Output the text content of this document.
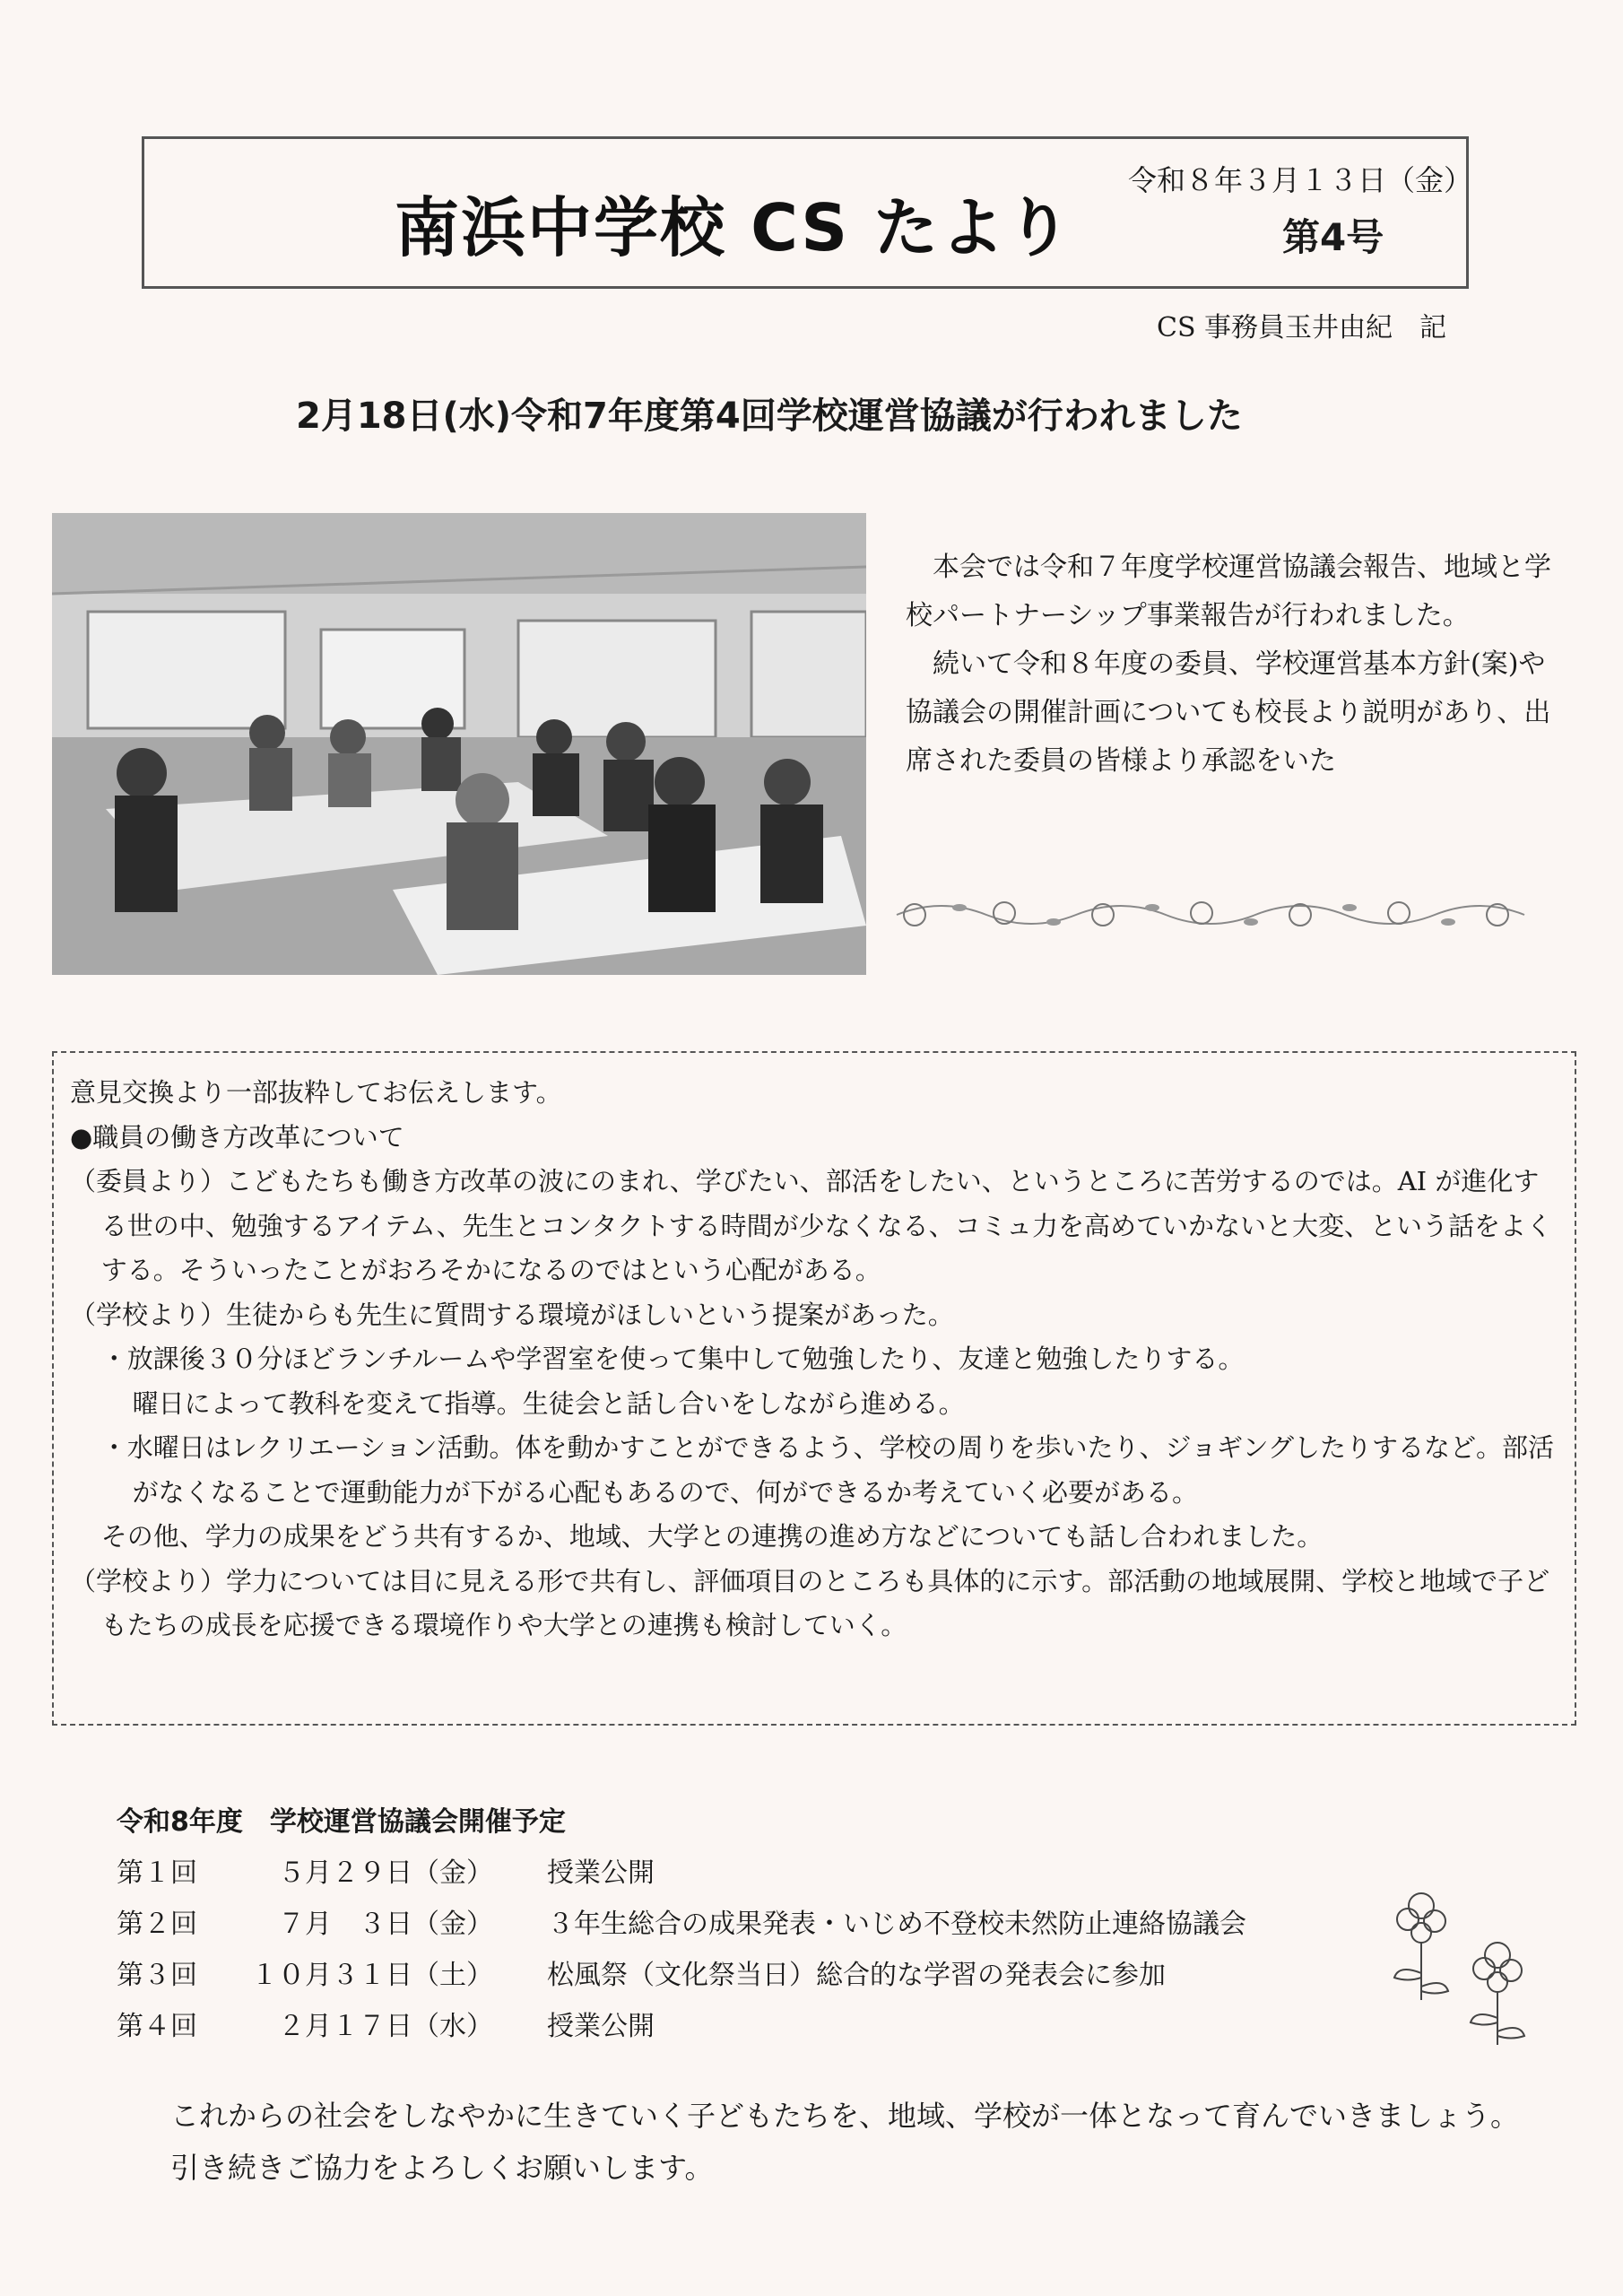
南浜中学校 CS たより
令和８年３月１３日（金）
第4号
CS 事務員玉井由紀　記
2月18日(水)令和7年度第4回学校運営協議が行われました

本会では令和７年度学校運営協議会報告、地域と学校パートナーシップ事業報告が行われました。

続いて令和８年度の委員、学校運営基本方針(案)や協議会の開催計画についても校長より説明があり、出席された委員の皆様より承認をいた

意見交換より一部抜粋してお伝えします。

●職員の働き方改革について

（委員より）こどもたちも働き方改革の波にのまれ、学びたい、部活をしたい、というところに苦労するのでは。AI が進化する世の中、勉強するアイテム、先生とコンタクトする時間が少なくなる、コミュ力を高めていかないと大変、という話をよくする。そういったことがおろそかになるのではという心配がある。

（学校より）生徒からも先生に質問する環境がほしいという提案があった。

・放課後３０分ほどランチルームや学習室を使って集中して勉強したり、友達と勉強したりする。

曜日によって教科を変えて指導。生徒会と話し合いをしながら進める。

・水曜日はレクリエーション活動。体を動かすことができるよう、学校の周りを歩いたり、ジョギングしたりするなど。部活がなくなることで運動能力が下がる心配もあるので、何ができるか考えていく必要がある。

その他、学力の成果をどう共有するか、地域、大学との連携の進め方などについても話し合われました。

（学校より）学力については目に見える形で共有し、評価項目のところも具体的に示す。部活動の地域展開、学校と地域で子どもたちの成長を応援できる環境作りや大学との連携も検討していく。

令和8年度　学校運営協議会開催予定
第１回	　５月２９日（金）	授業公開
第２回	　７月　３日（金）	３年生総合の成果発表・いじめ不登校未然防止連絡協議会
第３回	１０月３１日（土）	松風祭（文化祭当日）総合的な学習の発表会に参加
第４回	　２月１７日（水）	授業公開

これからの社会をしなやかに生きていく子どもたちを、地域、学校が一体となって育んでいきましょう。

引き続きご協力をよろしくお願いします。
